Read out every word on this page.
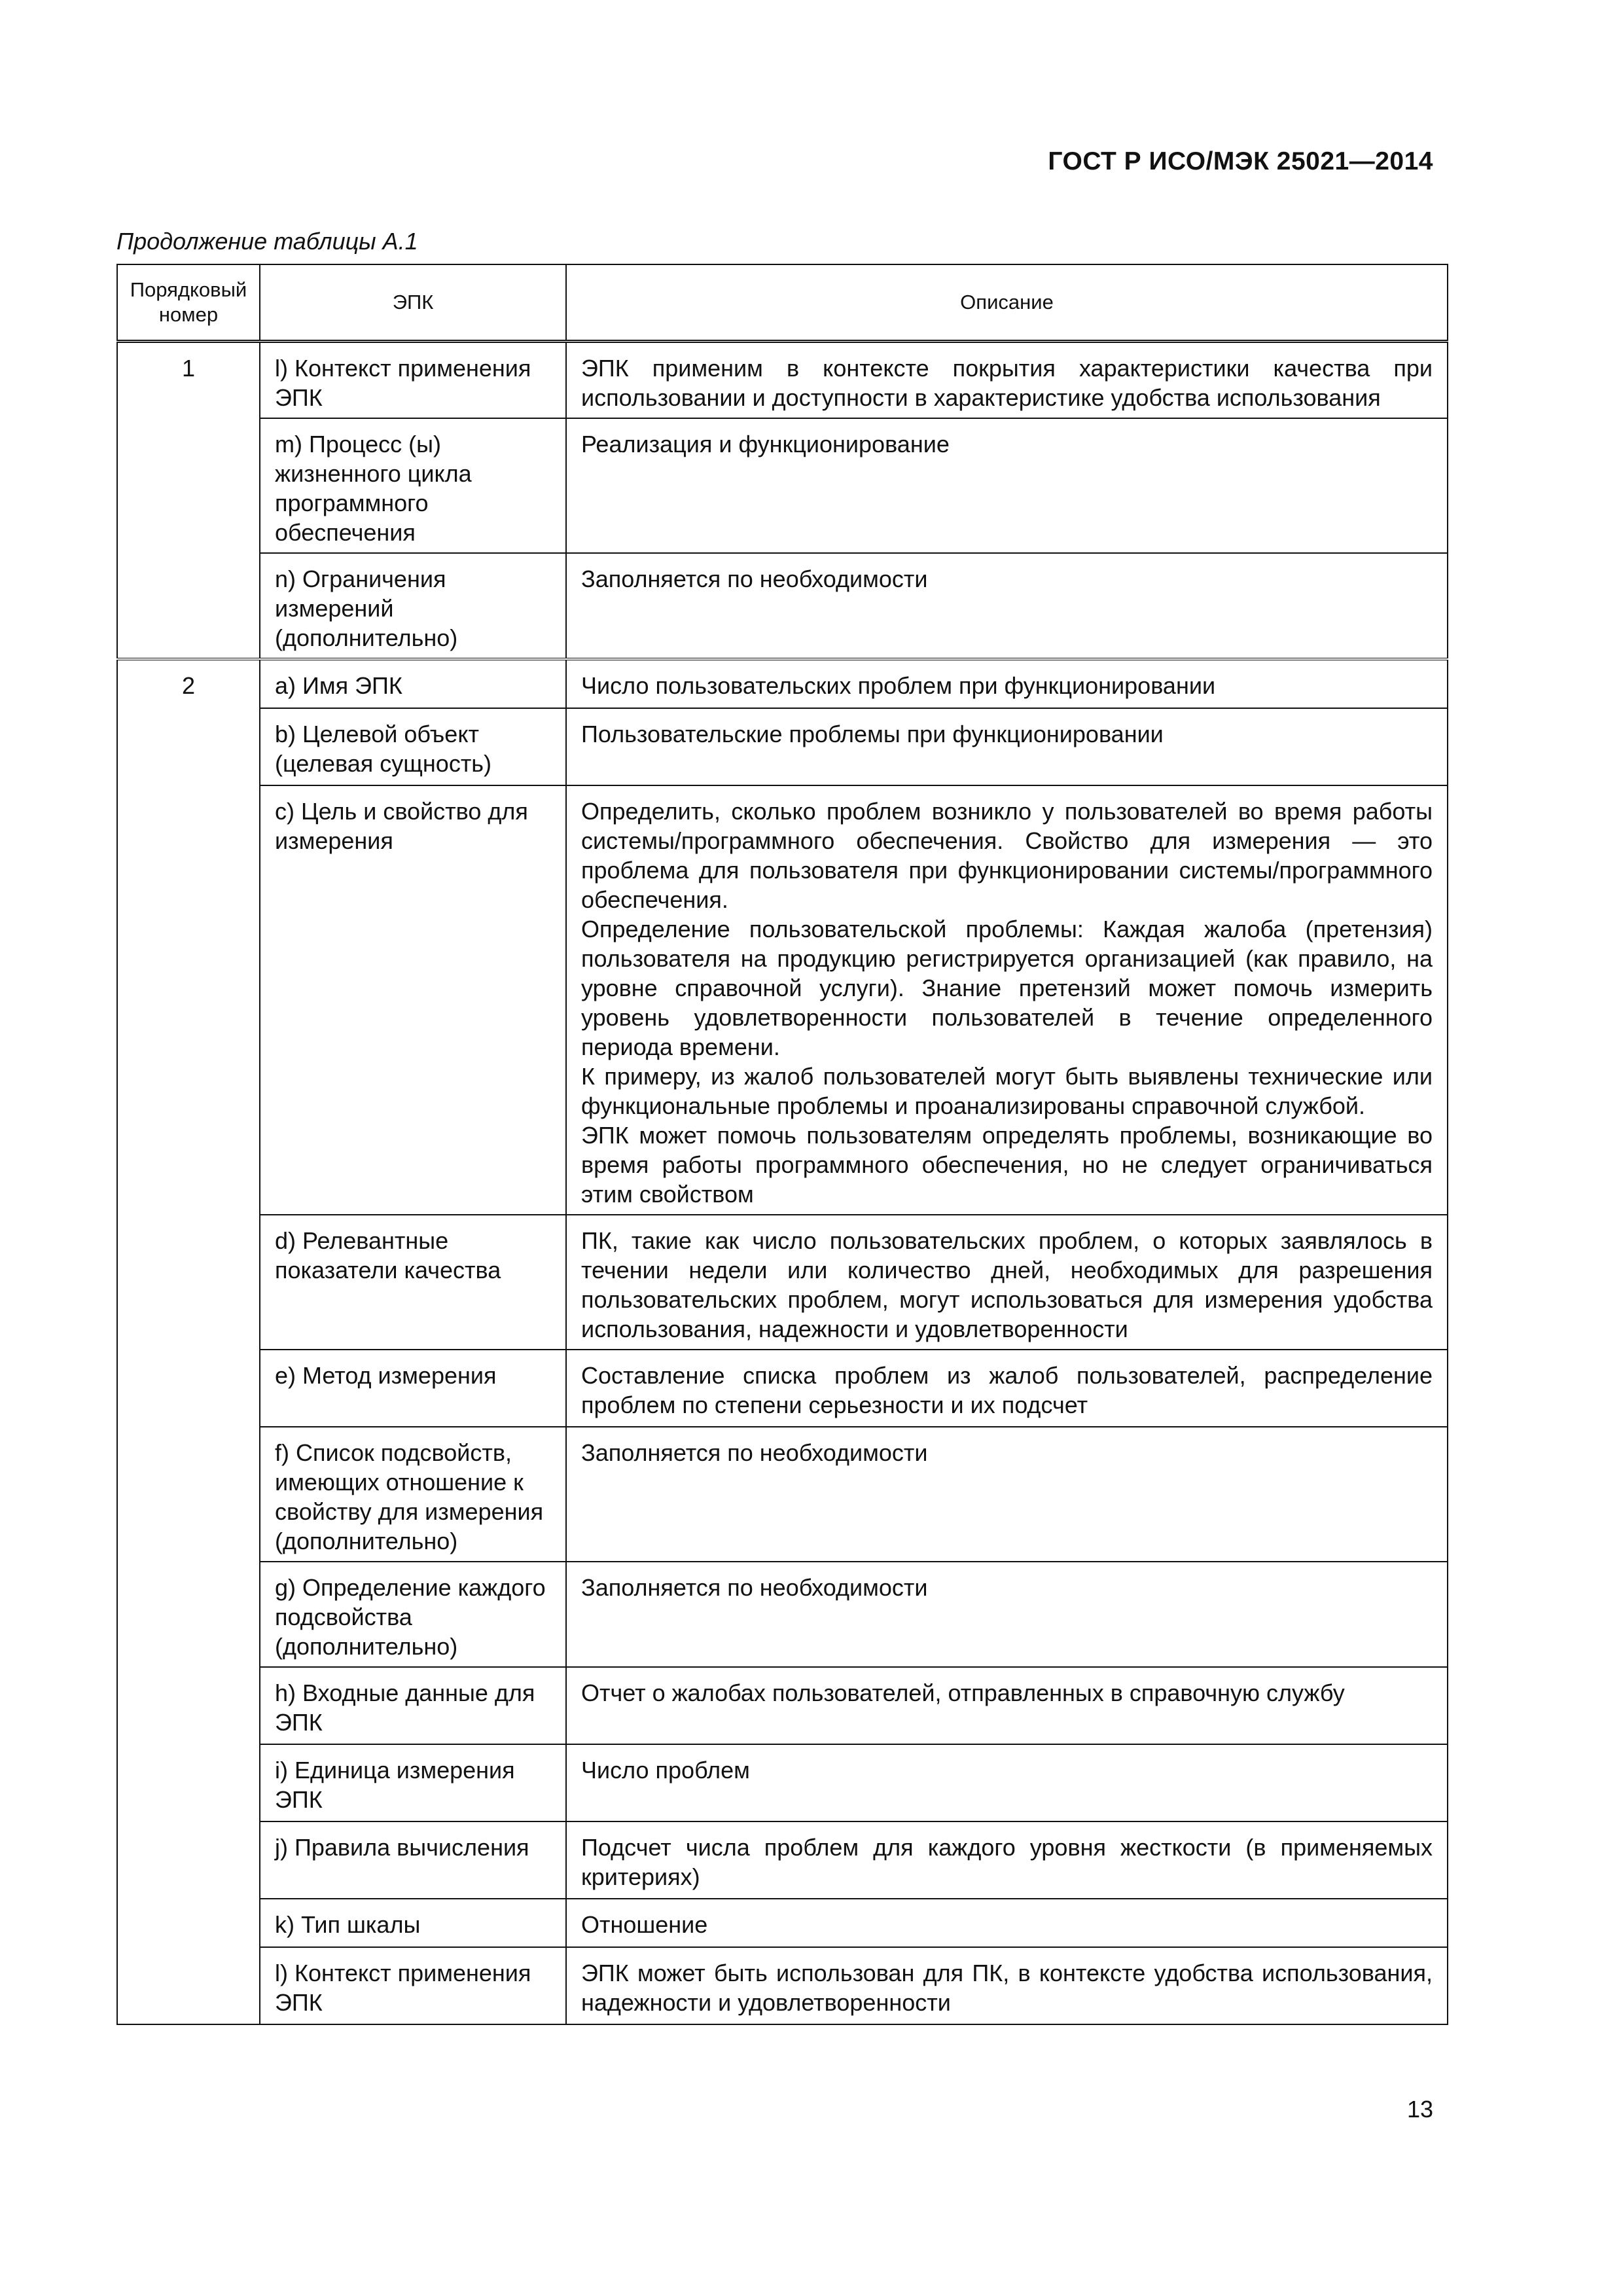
ГОСТ Р ИСО/МЭК 25021—2014
Продолжение таблицы А.1
Порядковый номер	ЭПК	Описание
1	l) Контекст применения ЭПК	ЭПК применим в контексте покрытия характеристики качества при использовании и доступности в характеристике удобства использования

	m) Процесс (ы) жизненного цикла программного обеспечения	Реализация и функционирование

	n) Ограничения измерений (дополнительно)	Заполняется по необходимости

2	a) Имя ЭПК	Число пользовательских проблем при функционировании

	b) Целевой объект (целевая сущность)	Пользовательские проблемы при функционировании

	c) Цель и свойство для измерения	Определить, сколько проблем возникло у пользователей во время работы системы/программного обеспечения. Свойство для измерения — это проблема для пользователя при функционировании системы/программного обеспечения.
Определение пользовательской проблемы: Каждая жалоба (претензия) пользователя на продукцию регистрируется организацией (как правило, на уровне справочной услуги). Знание претензий может помочь измерить уровень удовлетворенности пользователей в течение определенного периода времени.
К примеру, из жалоб пользователей могут быть выявлены технические или функциональные проблемы и проанализированы справочной службой.
ЭПК может помочь пользователям определять проблемы, возникающие во время работы программного обеспечения, но не следует ограничиваться этим свойством

	d) Релевантные показатели качества	ПК, такие как число пользовательских проблем, о которых заявлялось в течении недели или количество дней, необходимых для разрешения пользовательских проблем, могут использоваться для измерения удобства использования, надежности и удовлетворенности

	e) Метод измерения	Составление списка проблем из жалоб пользователей, распределение проблем по степени серьезности и их подсчет

	f) Список подсвойств, имеющих отношение к свойству для измерения (дополнительно)	Заполняется по необходимости

	g) Определение каждого подсвойства (дополнительно)	Заполняется по необходимости

	h) Входные данные для ЭПК	Отчет о жалобах пользователей, отправленных в справочную службу

	i) Единица измерения ЭПК	Число проблем

	j) Правила вычисления	Подсчет числа проблем для каждого уровня жесткости (в применяемых критериях)

	k) Тип шкалы	Отношение

	l) Контекст применения ЭПК	ЭПК может быть использован для ПК, в контексте удобства использования, надежности и удовлетворенности
13
